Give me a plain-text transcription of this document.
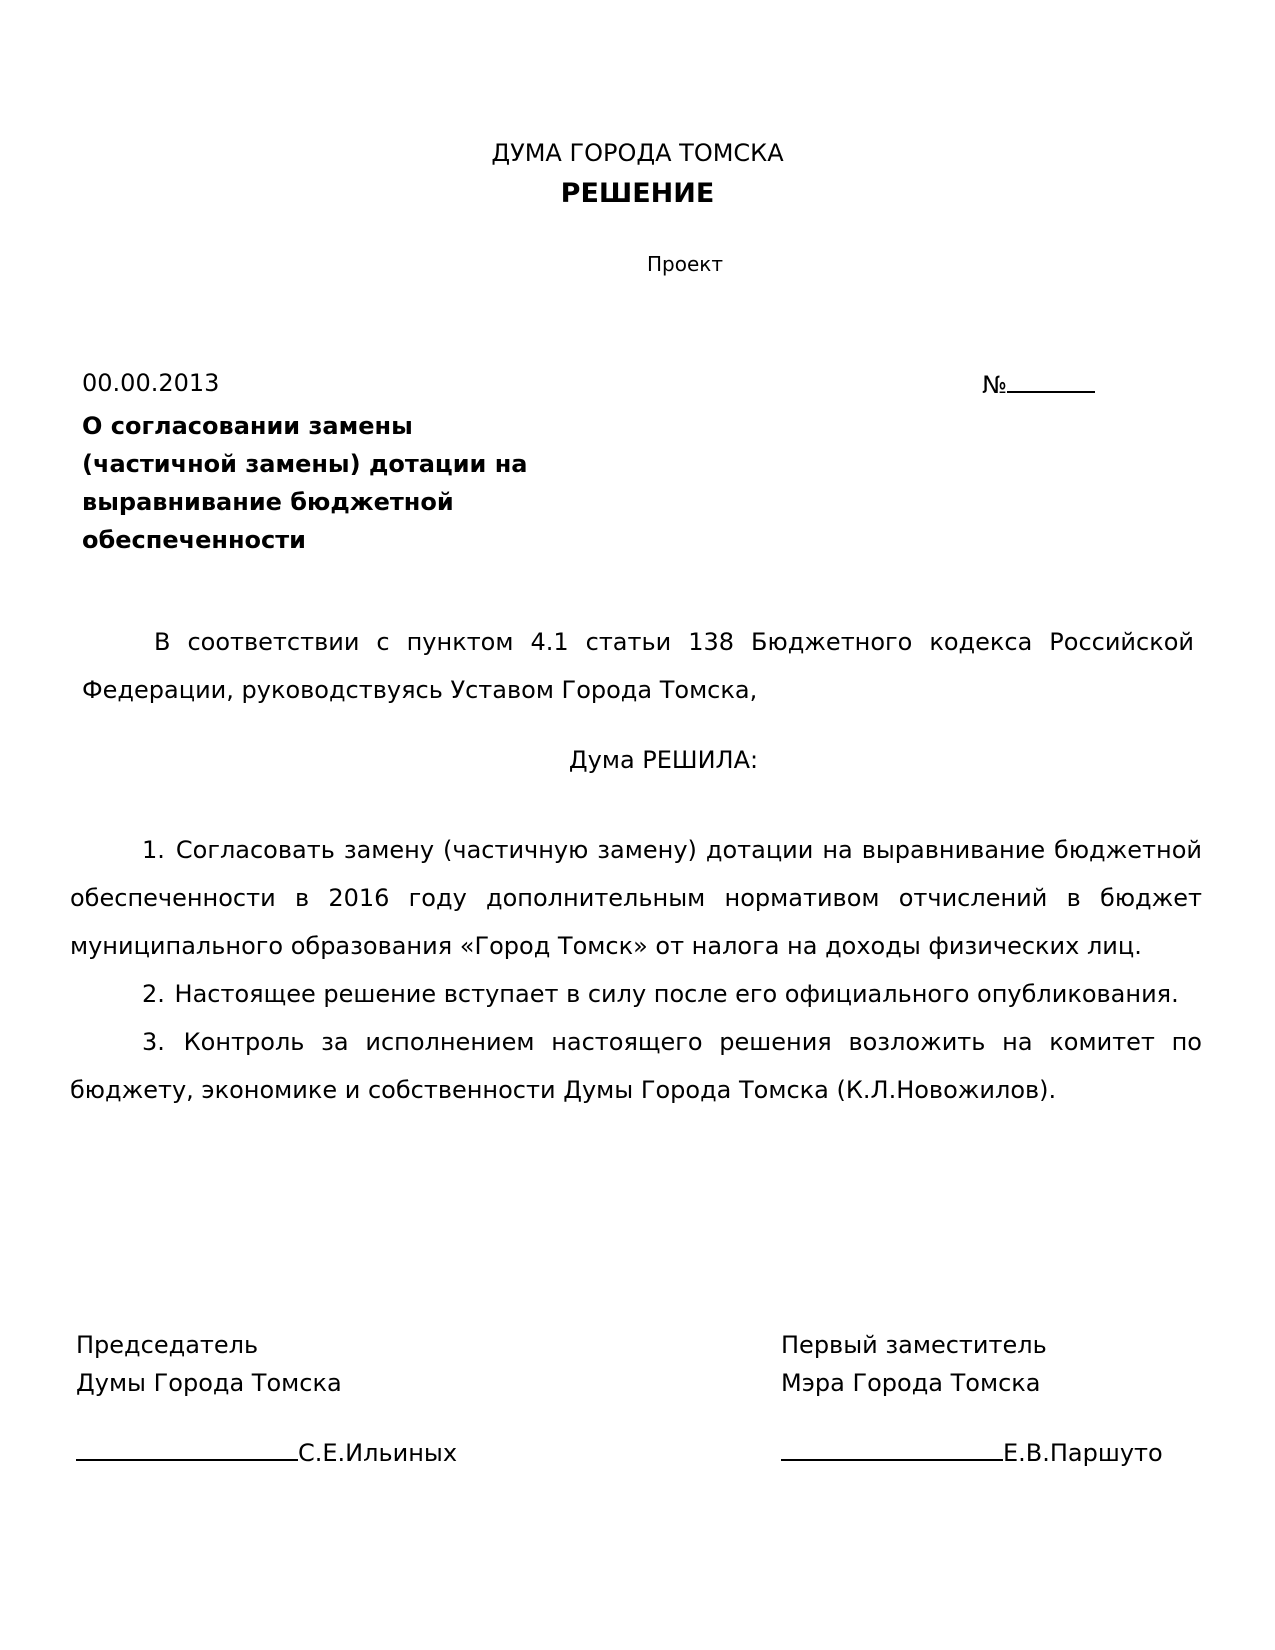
ДУМА ГОРОДА ТОМСКА
РЕШЕНИЕ
Проект
00.00.2013	№
О согласовании замены
(частичной замены) дотации на
выравнивание бюджетной
обеспеченности

В соответствии с пунктом 4.1 статьи 138 Бюджетного кодекса Российской Федерации, руководствуясь Уставом Города Томска,

Дума РЕШИЛА:

1. Согласовать замену (частичную замену) дотации на выравнивание бюджетной обеспеченности в 2016 году дополнительным нормативом отчислений в бюджет муниципального образования «Город Томск» от налога на доходы физических лиц.

2. Настоящее решение вступает в силу после его официального опубликования.

3. Контроль за исполнением настоящего решения возложить на комитет по бюджету, экономике и собственности Думы Города Томска (К.Л.Новожилов).

Председатель
Думы Города Томска
Первый заместитель
Мэра Города Томска
С.Е.Ильиных	Е.В.Паршуто
